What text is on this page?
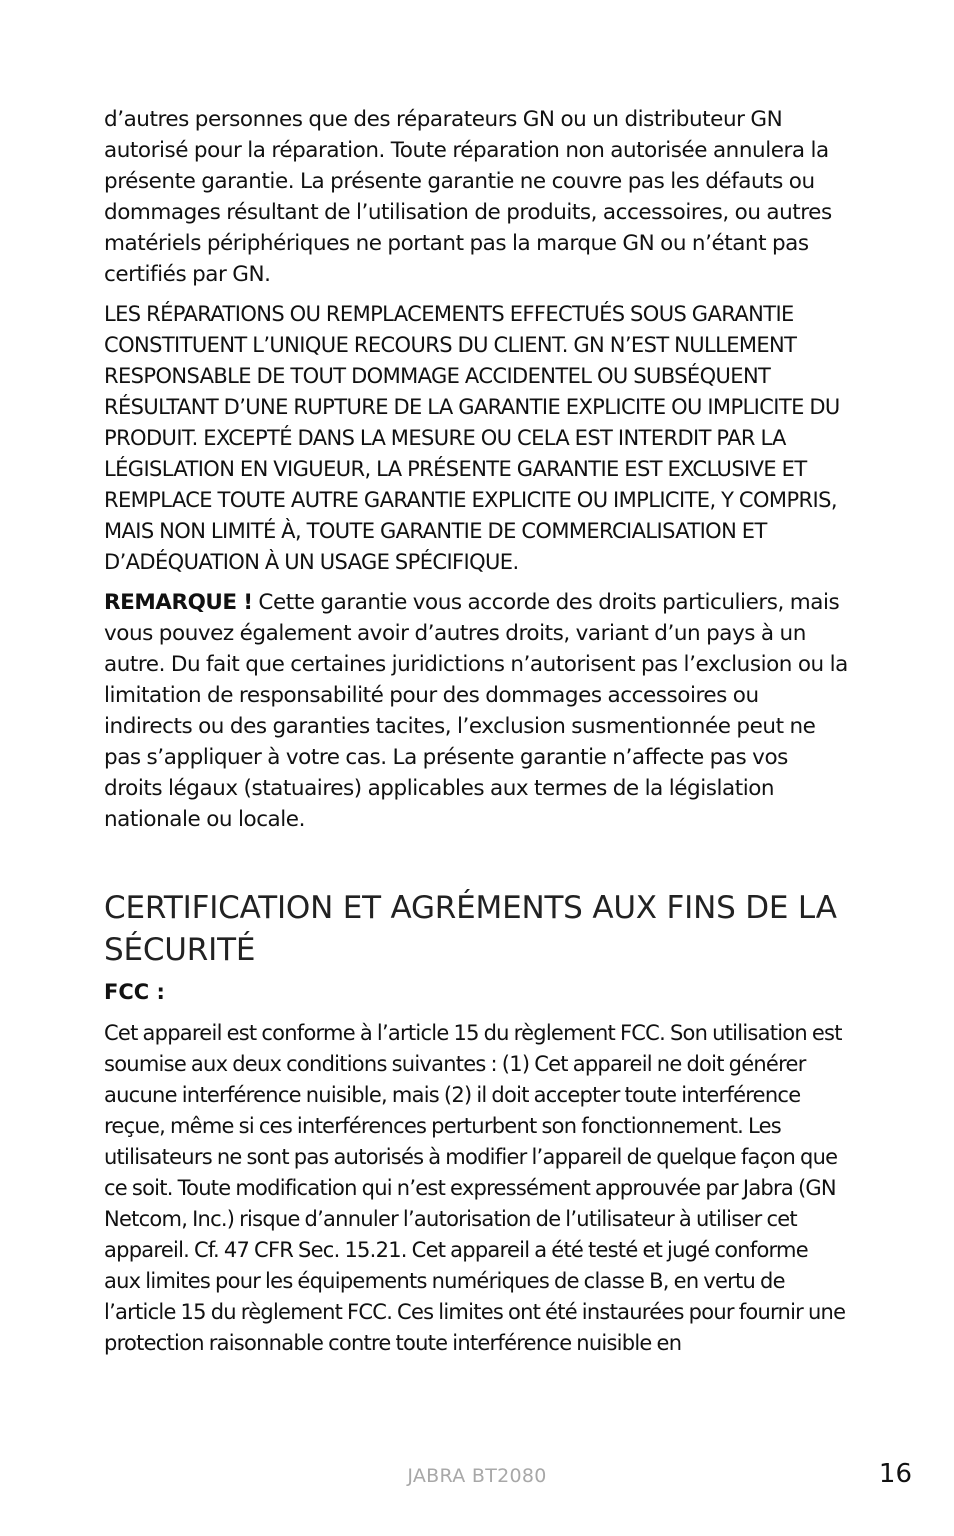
d’autres personnes que des réparateurs GN ou un distributeur GN autorisé pour la réparation. Toute réparation non autorisée annulera la présente garantie. La présente garantie ne couvre pas les défauts ou dommages résultant de l’utilisation de produits, accessoires, ou autres matériels périphériques ne portant pas la marque GN ou n’étant pas certifiés par GN.

LES RÉPARATIONS OU REMPLACEMENTS EFFECTUÉS SOUS GARANTIE CONSTITUENT L’UNIQUE RECOURS DU CLIENT. GN N’EST NULLEMENT RESPONSABLE DE TOUT DOMMAGE ACCIDENTEL OU SUBSÉQUENT RÉSULTANT D’UNE RUPTURE DE LA GARANTIE EXPLICITE OU IMPLICITE DU PRODUIT. EXCEPTÉ DANS LA MESURE OU CELA EST INTERDIT PAR LA LÉGISLATION EN VIGUEUR, LA PRÉSENTE GARANTIE EST EXCLUSIVE ET REMPLACE TOUTE AUTRE GARANTIE EXPLICITE OU IMPLICITE, Y COMPRIS, MAIS NON LIMITÉ À, TOUTE GARANTIE DE COMMERCIALISATION ET D’ADÉQUATION À UN USAGE SPÉCIFIQUE.

REMARQUE ! Cette garantie vous accorde des droits particuliers, mais vous pouvez également avoir d’autres droits, variant d’un pays à un autre. Du fait que certaines juridictions n’autorisent pas l’exclusion ou la limitation de responsabilité pour des dommages accessoires ou indirects ou des garanties tacites, l’exclusion susmentionnée peut ne pas s’appliquer à votre cas. La présente garantie n’affecte pas vos droits légaux (statuaires) applicables aux termes de la législation nationale ou locale.

CERTIFICATION ET AGRÉMENTS AUX FINS DE LA SÉCURITÉ
FCC :

Cet appareil est conforme à l’article 15 du règlement FCC. Son utilisation est soumise aux deux conditions suivantes : (1) Cet appareil ne doit générer aucune interférence nuisible, mais (2) il doit accepter toute interférence reçue, même si ces interférences perturbent son fonctionnement. Les utilisateurs ne sont pas autorisés à modifier l’appareil de quelque façon que ce soit. Toute modification qui n’est expressément approuvée par Jabra (GN Netcom, Inc.) risque d’annuler l’autorisation de l’utilisateur à utiliser cet appareil. Cf. 47 CFR Sec. 15.21. Cet appareil a été testé et jugé conforme aux limites pour les équipements numériques de classe B, en vertu de l’article 15 du règlement FCC. Ces limites ont été instaurées pour fournir une protection raisonnable contre toute interférence nuisible en

JABRA BT2080	16
